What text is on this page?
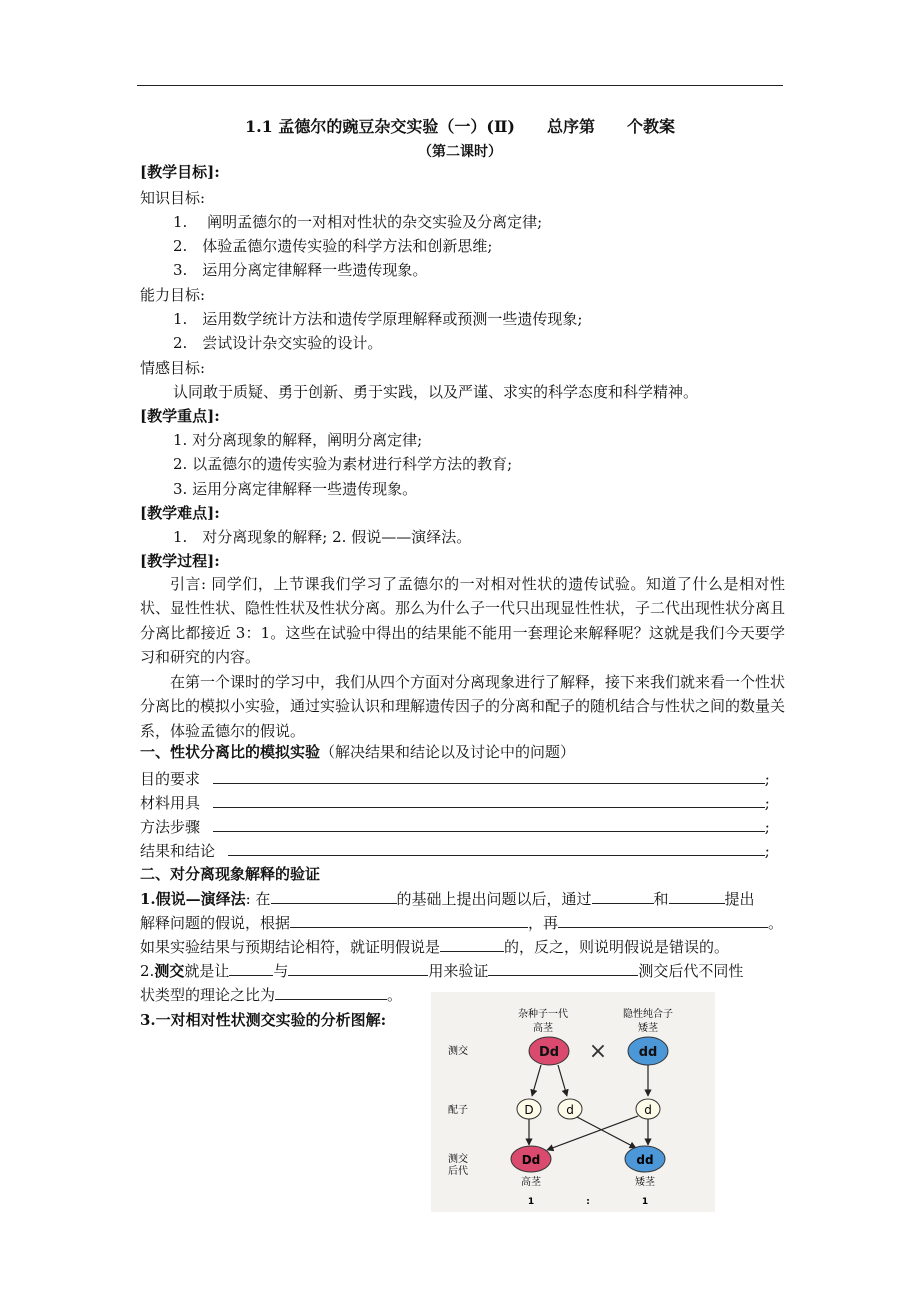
1.1 孟德尔的豌豆杂交实验（一）(Ⅱ)　　总序第　　个教案
（第二课时）
[教学目标]:
知识目标:
1.　 阐明孟德尔的一对相对性状的杂交实验及分离定律;
2.　体验孟德尔遗传实验的科学方法和创新思维;
3.　运用分离定律解释一些遗传现象。
能力目标:
1.　运用数学统计方法和遗传学原理解释或预测一些遗传现象;
2.　尝试设计杂交实验的设计。
情感目标:
认同敢于质疑、勇于创新、勇于实践，以及严谨、求实的科学态度和科学精神。
[教学重点]:
1. 对分离现象的解释，阐明分离定律;
2. 以孟德尔的遗传实验为素材进行科学方法的教育;
3. 运用分离定律解释一些遗传现象。
[教学难点]:
1.　对分离现象的解释; 2. 假说——演绎法。
[教学过程]:
引言: 同学们，上节课我们学习了孟德尔的一对相对性状的遗传试验。知道了什么是相对性状、显性性状、隐性性状及性状分离。那么为什么子一代只出现显性性状，子二代出现性状分离且分离比都接近 3：1。这些在试验中得出的结果能不能用一套理论来解释呢？这就是我们今天要学习和研究的内容。
在第一个课时的学习中，我们从四个方面对分离现象进行了解释，接下来我们就来看一个性状分离比的模拟小实验，通过实验认识和理解遗传因子的分离和配子的随机结合与性状之间的数量关系，体验孟德尔的假说。
一、性状分离比的模拟实验（解决结果和结论以及讨论中的问题）
目的要求	;
材料用具	;
方法步骤	;
结果和结论	;
二、对分离现象解释的验证
1.假说—演绎法: 在	的基础上提出问题以后，通过	和	提出
解释问题的假说，根据	，再	。
如果实验结果与预期结论相符，就证明假说是	的，反之，则说明假说是错误的。
2.测交就是让	与	用来验证	测交后代不同性
状类型的理论之比为	。
3.一对相对性状测交实验的分析图解:	杂种子一代	隐性纯合子
高茎	矮茎
测交
配子
测交
后代
Dd × dd
D	d	d
Dd	dd
高茎	矮茎
1	:	1
